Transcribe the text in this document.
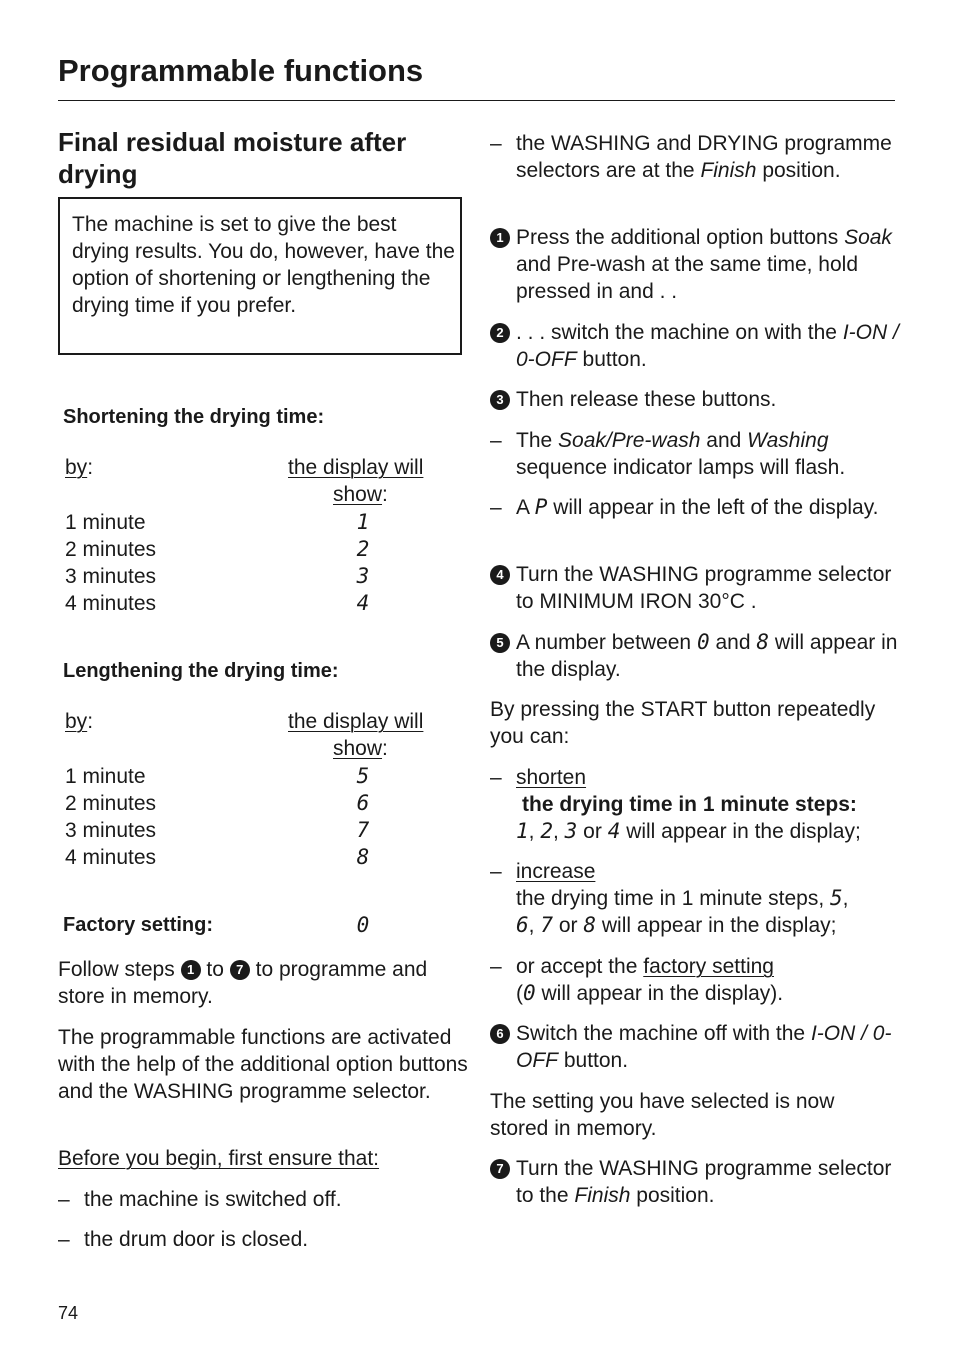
Programmable functions
Final residual moisture after drying
The machine is set to give the best drying results. You do, however, have the option of shortening or lengthening the drying time if you prefer.
Shortening the drying time:
by:	the display will
show:
1 minute	1
2 minutes	2
3 minutes	3
4 minutes	4
Lengthening the drying time:
by:	the display will
show:
1 minute	5
2 minutes	6
3 minutes	7
4 minutes	8
Factory setting:	0
Follow steps 1 to 7 to programme and store in memory.
The programmable functions are activated with the help of the additional option buttons and the WASHING programme selector.
Before you begin, first ensure that:
– the machine is switched off.
– the drum door is closed.
– the WASHING and DRYING programme selectors are at the Finish position.
1 Press the additional option buttons Soak and Pre-wash at the same time, hold pressed in and . .
2 . . . switch the machine on with the I-ON / 0-OFF button.
3 Then release these buttons.
– The Soak/Pre-wash and Washing sequence indicator lamps will flash.
– A P will appear in the left of the display.
4 Turn the WASHING programme selector to MINIMUM IRON 30°C .
5 A number between 0 and 8 will appear in the display.
By pressing the START button repeatedly you can:
– shorten
the drying time in 1 minute steps:
1, 2, 3 or 4 will appear in the display;
– increase
the drying time in 1 minute steps, 5,
6, 7 or 8 will appear in the display;
– or accept the factory setting
(0 will appear in the display).
6 Switch the machine off with the I-ON / 0-OFF button.
The setting you have selected is now stored in memory.
7 Turn the WASHING programme selector to the Finish position.
74
